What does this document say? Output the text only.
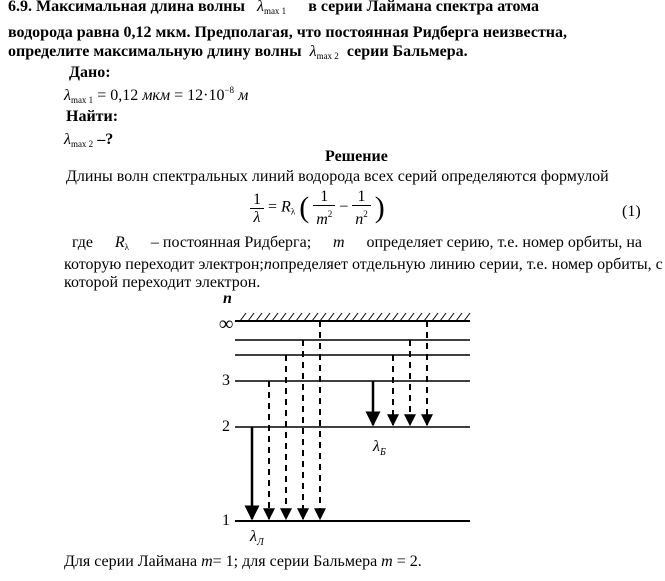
6.9. Максимальная длина волны $\lambda_{max 1}$ в серии Лаймана спектра атома
водорода равна 0,12 мкм. Предполагая, что постоянная Ридберга неизвестна,
определите максимальную длину волны $\lambda_{max 2}$ серии Бальмера.
Дано:
$\lambda_{max 1} = 0,12$ мкм = $12\cdot 10^{-8}$ м
Найти:
$\lambda_{max 2}$ –?
Решение
Длины волн спектральных линий водорода всех серий определяются формулой
$\frac{1}{\lambda} = R_\lambda$ ( $\frac{1}{m^2} - \frac{1}{n^2}$ )	(1)
где $R_\lambda$ – постоянная Ридберга; m определяет серию, т.е. номер орбиты, на
которую переходит электрон; n определяет отдельную линию серии, т.е. номер орбиты, с
которой переходит электрон.
n
∞
3
2
1
$\lambda_Л$
$\lambda_Б$
Для серии Лаймана m= 1; для серии Бальмера m = 2.
